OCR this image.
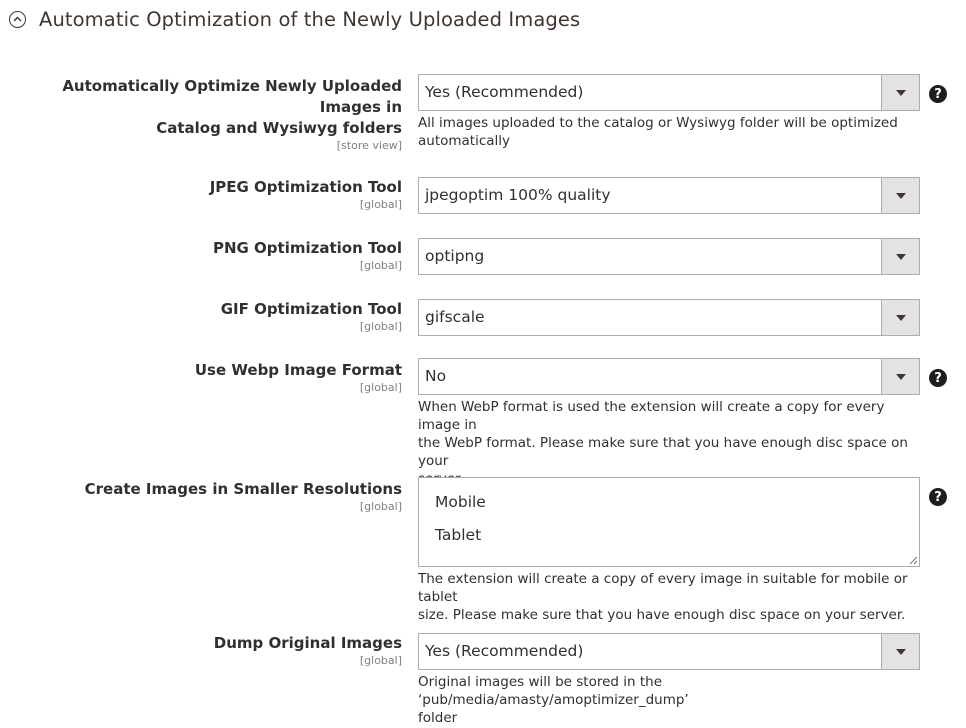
Automatic Optimization of the Newly Uploaded Images
Automatically Optimize Newly Uploaded Images in
Catalog and Wysiwyg folders
[store view]
Yes (Recommended)
All images uploaded to the catalog or Wysiwyg folder will be optimized
automatically
?
JPEG Optimization Tool
[global]
jpegoptim 100% quality
PNG Optimization Tool
[global]
optipng
GIF Optimization Tool
[global]
gifscale
Use Webp Image Format
[global]
No
When WebP format is used the extension will create a copy for every image in
the WebP format. Please make sure that you have enough disc space on your
?
Create Images in Smaller Resolutions
[global]	Mobile
Tablet
The extension will create a copy of every image in suitable for mobile or tablet
size. Please make sure that you have enough disc space on your server.
?
Dump Original Images
[global]
Yes (Recommended)
Original images will be stored in the ‘pub/media/amasty/amoptimizer_dump’
folder
